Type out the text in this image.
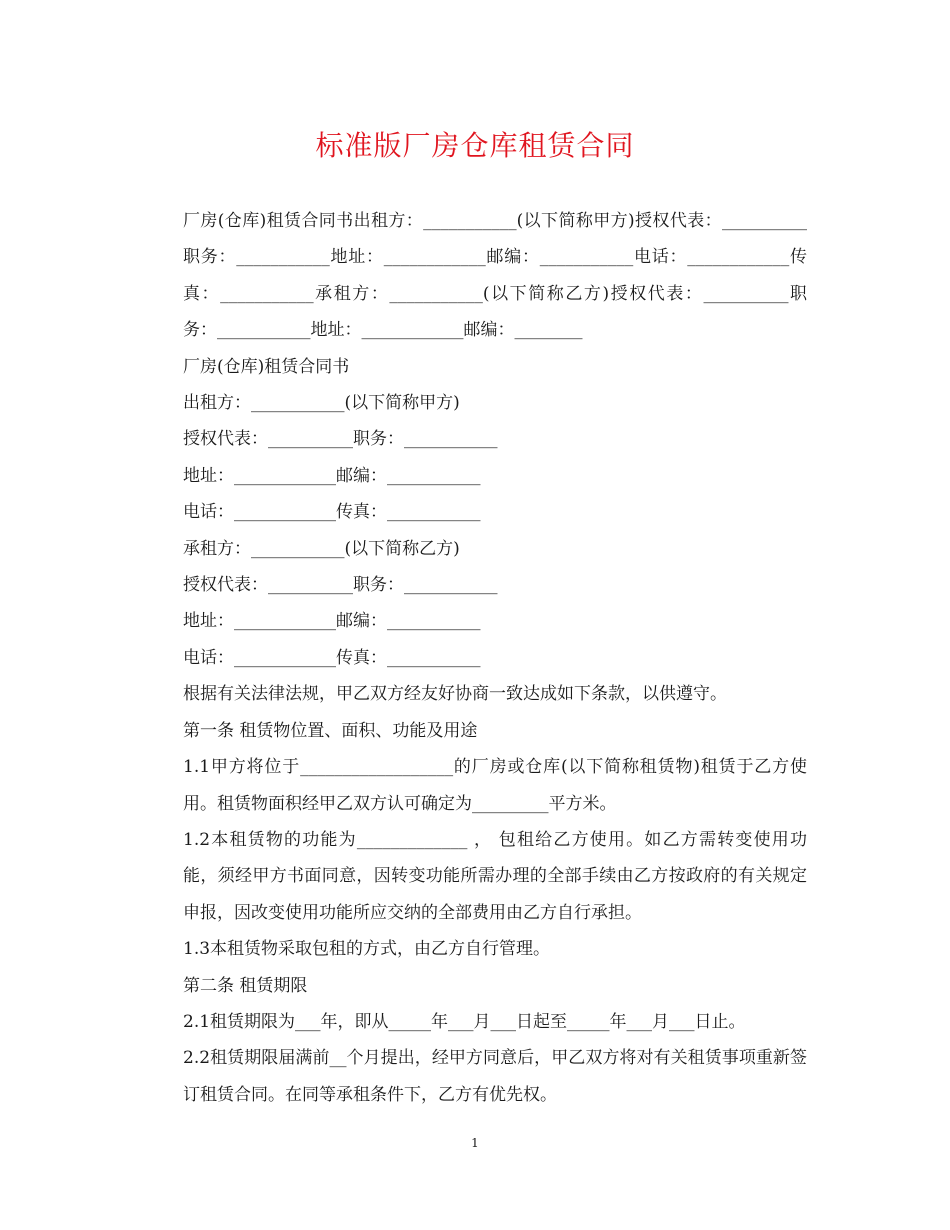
标准版厂房仓库租赁合同

厂房(仓库)租赁合同书出租方：___________(以下简称甲方)授权代表：__________职务：___________地址：____________邮编：___________电话：____________传真：___________承租方：___________(以下简称乙方)授权代表：__________职务：___________地址：____________邮编：________

厂房(仓库)租赁合同书

出租方：___________(以下简称甲方)

授权代表：__________职务：___________

地址：____________邮编：___________

电话：____________传真：___________

承租方：___________(以下简称乙方)

授权代表：__________职务：___________

地址：____________邮编：___________

电话：____________传真：___________

根据有关法律法规，甲乙双方经友好协商一致达成如下条款，以供遵守。

第一条 租赁物位置、面积、功能及用途

1.1甲方将位于__________________的厂房或仓库(以下简称租赁物)租赁于乙方使用。租赁物面积经甲乙双方认可确定为_________平方米。

1.2本租赁物的功能为_____________ ， 包租给乙方使用。如乙方需转变使用功能，须经甲方书面同意，因转变功能所需办理的全部手续由乙方按政府的有关规定申报，因改变使用功能所应交纳的全部费用由乙方自行承担。

1.3本租赁物采取包租的方式，由乙方自行管理。

第二条 租赁期限

2.1租赁期限为___年，即从_____年___月___日起至_____年___月___日止。

2.2租赁期限届满前__个月提出，经甲方同意后，甲乙双方将对有关租赁事项重新签订租赁合同。在同等承租条件下，乙方有优先权。

1
